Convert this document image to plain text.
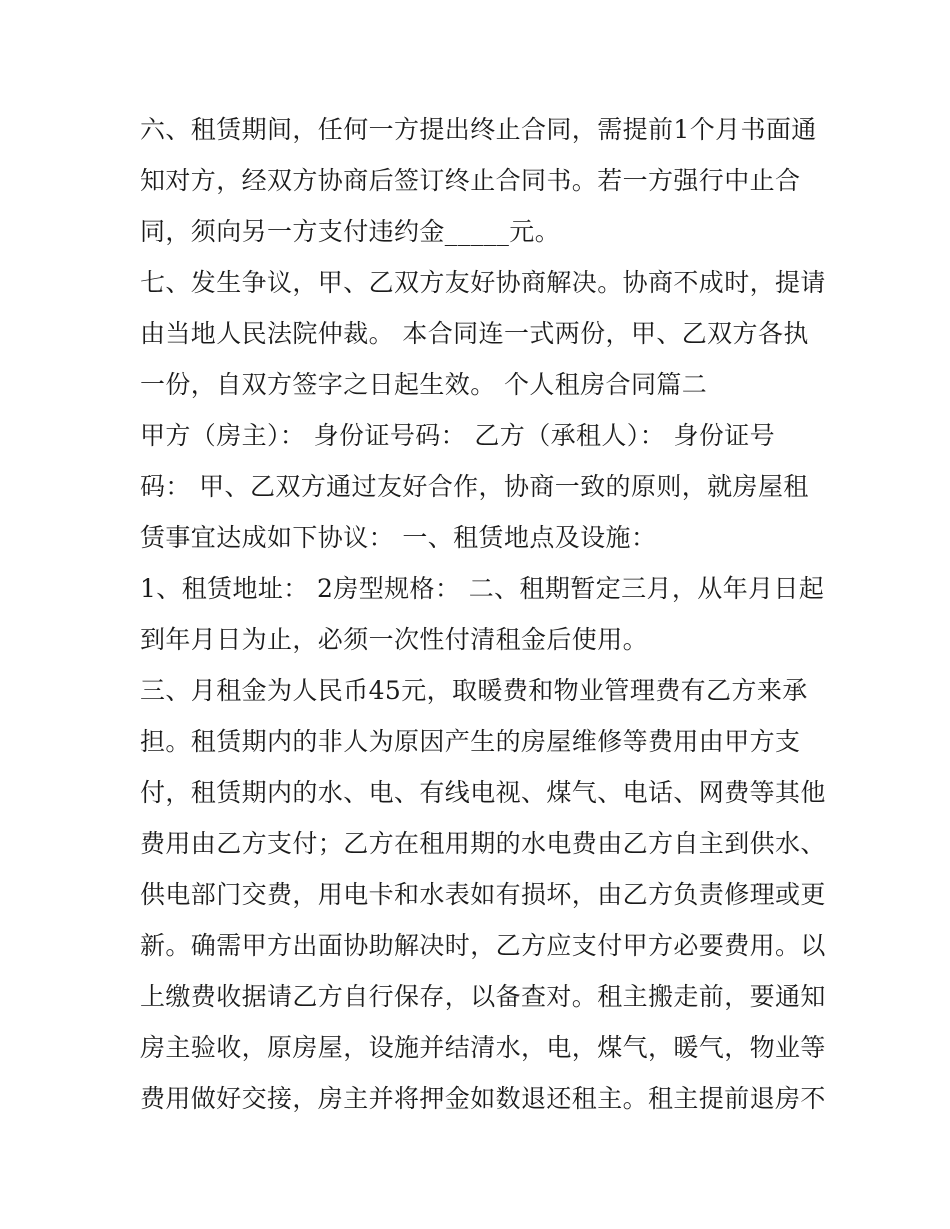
六、租赁期间，任何一方提出终止合同，需提前1个月书面通

知对方，经双方协商后签订终止合同书。若一方强行中止合

同，须向另一方支付违约金_____元。

七、发生争议，甲、乙双方友好协商解决。协商不成时，提请

由当地人民法院仲裁。 本合同连一式两份，甲、乙双方各执

一份，自双方签字之日起生效。 个人租房合同篇二

甲方（房主）： 身份证号码： 乙方（承租人）： 身份证号

码： 甲、乙双方通过友好合作，协商一致的原则，就房屋租

赁事宜达成如下协议： 一、租赁地点及设施：

1、租赁地址： 2房型规格： 二、租期暂定三月，从年月日起

到年月日为止，必须一次性付清租金后使用。

三、月租金为人民币45元，取暖费和物业管理费有乙方来承

担。租赁期内的非人为原因产生的房屋维修等费用由甲方支

付，租赁期内的水、电、有线电视、煤气、电话、网费等其他

费用由乙方支付；乙方在租用期的水电费由乙方自主到供水、

供电部门交费，用电卡和水表如有损坏，由乙方负责修理或更

新。确需甲方出面协助解决时，乙方应支付甲方必要费用。以

上缴费收据请乙方自行保存，以备查对。租主搬走前，要通知

房主验收，原房屋，设施并结清水，电，煤气，暖气，物业等

费用做好交接，房主并将押金如数退还租主。租主提前退房不
